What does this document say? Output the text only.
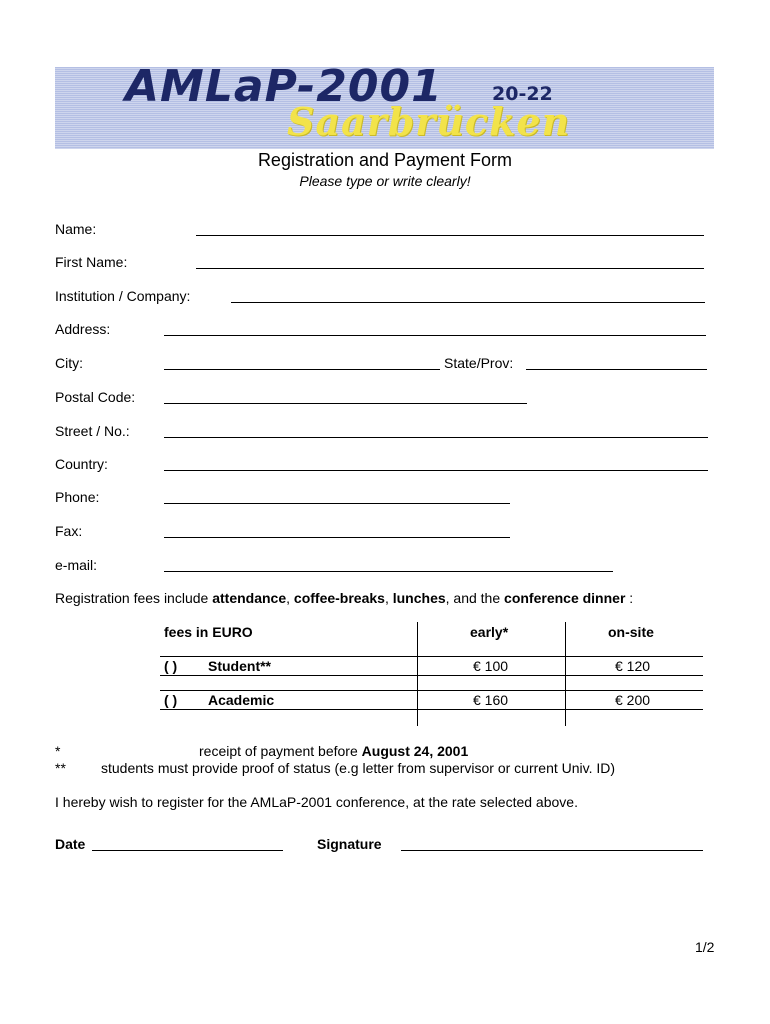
AMLaP-2001	20-22
Saarbrücken
Registration and Payment Form
Please type or write clearly!
Name:
First Name:
Institution / Company:
Address:
City:	State/Prov:
Postal Code:
Street / No.:
Country:
Phone:
Fax:
e-mail:
Registration fees include attendance, coffee-breaks, lunches, and the conference dinner :
fees in EURO	early*	on-site
( ) Student**	€ 100	€ 120
( ) Academic	€ 160	€ 200
*	receipt of payment before August 24, 2001
**	students must provide proof of status (e.g letter from supervisor or current Univ. ID)
I hereby wish to register for the AMLaP-2001 conference, at the rate selected above.
Date	Signature
1/2
